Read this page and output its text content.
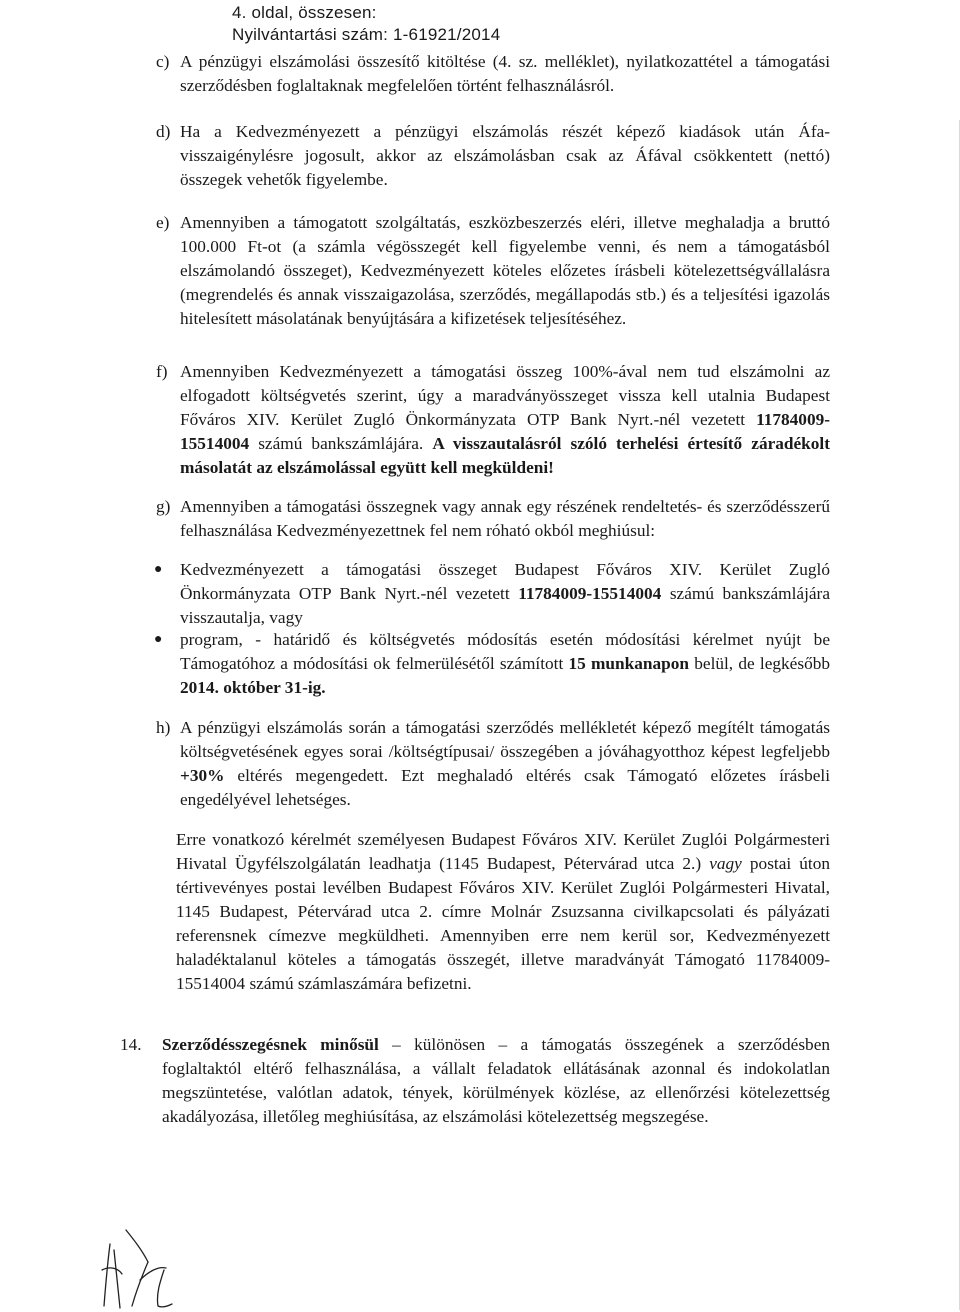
4. oldal, összesen:
Nyilvántartási szám: 1-61921/2014
c) A pénzügyi elszámolási összesítő kitöltése (4. sz. melléklet), nyilatkozattétel a támogatási szerződésben foglaltaknak megfelelően történt felhasználásról.
d) Ha a Kedvezményezett a pénzügyi elszámolás részét képező kiadások után Áfa-visszaigénylésre jogosult, akkor az elszámolásban csak az Áfával csökkentett (nettó) összegek vehetők figyelembe.
e) Amennyiben a támogatott szolgáltatás, eszközbeszerzés eléri, illetve meghaladja a bruttó 100.000 Ft-ot (a számla végösszegét kell figyelembe venni, és nem a támogatásból elszámolandó összeget), Kedvezményezett köteles előzetes írásbeli kötelezettségvállalásra (megrendelés és annak visszaigazolása, szerződés, megállapodás stb.) és a teljesítési igazolás hitelesített másolatának benyújtására a kifizetések teljesítéséhez.
f) Amennyiben Kedvezményezett a támogatási összeg 100%-ával nem tud elszámolni az elfogadott költségvetés szerint, úgy a maradványösszeget vissza kell utalnia Budapest Főváros XIV. Kerület Zugló Önkormányzata OTP Bank Nyrt.-nél vezetett 11784009-15514004 számú bankszámlájára. A visszautalásról szóló terhelési értesítő záradékolt másolatát az elszámolással együtt kell megküldeni!
g) Amennyiben a támogatási összegnek vagy annak egy részének rendeltetés- és szerződésszerű felhasználása Kedvezményezettnek fel nem róható okból meghiúsul:
● Kedvezményezett a támogatási összeget Budapest Főváros XIV. Kerület Zugló Önkormányzata OTP Bank Nyrt.-nél vezetett 11784009-15514004 számú bankszámlájára visszautalja, vagy
● program, - határidő és költségvetés módosítás esetén módosítási kérelmet nyújt be Támogatóhoz a módosítási ok felmerülésétől számított 15 munkanapon belül, de legkésőbb 2014. október 31-ig.
h) A pénzügyi elszámolás során a támogatási szerződés mellékletét képező megítélt támogatás költségvetésének egyes sorai /költségtípusai/ összegében a jóváhagyotthoz képest legfeljebb +30% eltérés megengedett. Ezt meghaladó eltérés csak Támogató előzetes írásbeli engedélyével lehetséges.
Erre vonatkozó kérelmét személyesen Budapest Főváros XIV. Kerület Zuglói Polgármesteri Hivatal Ügyfélszolgálatán leadhatja (1145 Budapest, Pétervárad utca 2.) vagy postai úton tértivevényes postai levélben Budapest Főváros XIV. Kerület Zuglói Polgármesteri Hivatal, 1145 Budapest, Pétervárad utca 2. címre Molnár Zsuzsanna civilkapcsolati és pályázati referensnek címezve megküldheti. Amennyiben erre nem kerül sor, Kedvezményezett haladéktalanul köteles a támogatás összegét, illetve maradványát Támogató 11784009-15514004 számú számlaszámára befizetni.
14. Szerződésszegésnek minősül – különösen – a támogatás összegének a szerződésben foglaltaktól eltérő felhasználása, a vállalt feladatok ellátásának azonnal és indokolatlan megszüntetése, valótlan adatok, tények, körülmények közlése, az ellenőrzési kötelezettség akadályozása, illetőleg meghiúsítása, az elszámolási kötelezettség megszegése.
